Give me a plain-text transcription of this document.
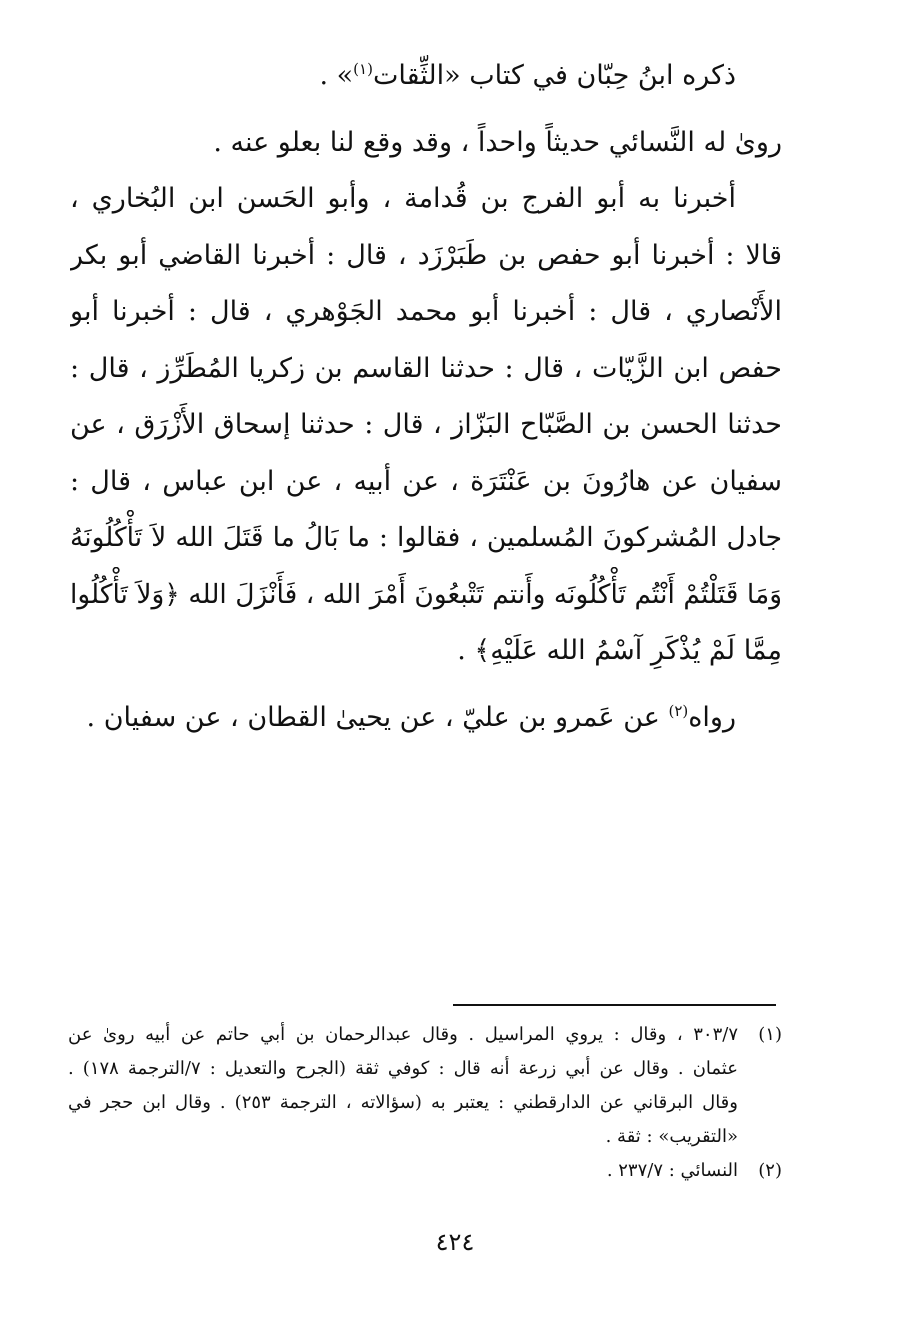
ذكره ابنُ حِبّان في كتاب «الثِّقات$^{(١)}$» .
روىٰ له النَّسائي حديثاً واحداً ، وقد وقع لنا بعلو عنه .
أخبرنا به أبو الفرج بن قُدامة ، وأبو الحَسن ابن البُخاري ،
قالا : أخبرنا أبو حفص بن طَبَرْزَد ، قال : أخبرنا القاضي أبو بكر
الأَنْصاري ، قال : أخبرنا أبو محمد الجَوْهري ، قال : أخبرنا أبو
حفص ابن الزَّيّات ، قال : حدثنا القاسم بن زكريا المُطَرِّز ، قال :
حدثنا الحسن بن الصَّبّاح البَزّاز ، قال : حدثنا إسحاق الأَزْرَق ، عن
سفيان عن هارُونَ بن عَنْتَرَة ، عن أبيه ، عن ابن عباس ، قال :
جادل المُشركونَ المُسلمين ، فقالوا : ما بَالُ ما قَتَلَ الله لاَ تَأْكُلُونَهُ
وَمَا قَتَلْتُمْ أَنْتُم تَأْكُلُونَه وأَنتم تَتْبعُونَ أَمْرَ الله ، فَأَنْزَلَ الله ﴿وَلاَ تَأْكُلُوا
مِمَّا لَمْ يُذْكَرِ آسْمُ الله عَلَيْهِ﴾ .
رواه$^{(٢)}$ عن عَمرو بن عليّ ، عن يحيىٰ القطان ، عن سفيان .
(١)
٣٠٣/٧ ، وقال : يروي المراسيل . وقال عبدالرحمان بن أبي حاتم عن أبيه روىٰ عن
عثمان . وقال عن أبي زرعة أنه قال : كوفي ثقة (الجرح والتعديل : ٧/الترجمة ١٧٨) .
وقال البرقاني عن الدارقطني : يعتبر به (سؤالاته ، الترجمة ٢٥٣) . وقال ابن حجر في
«التقريب» : ثقة .
(٢)
النسائي : ٢٣٧/٧ .
٤٢٤
